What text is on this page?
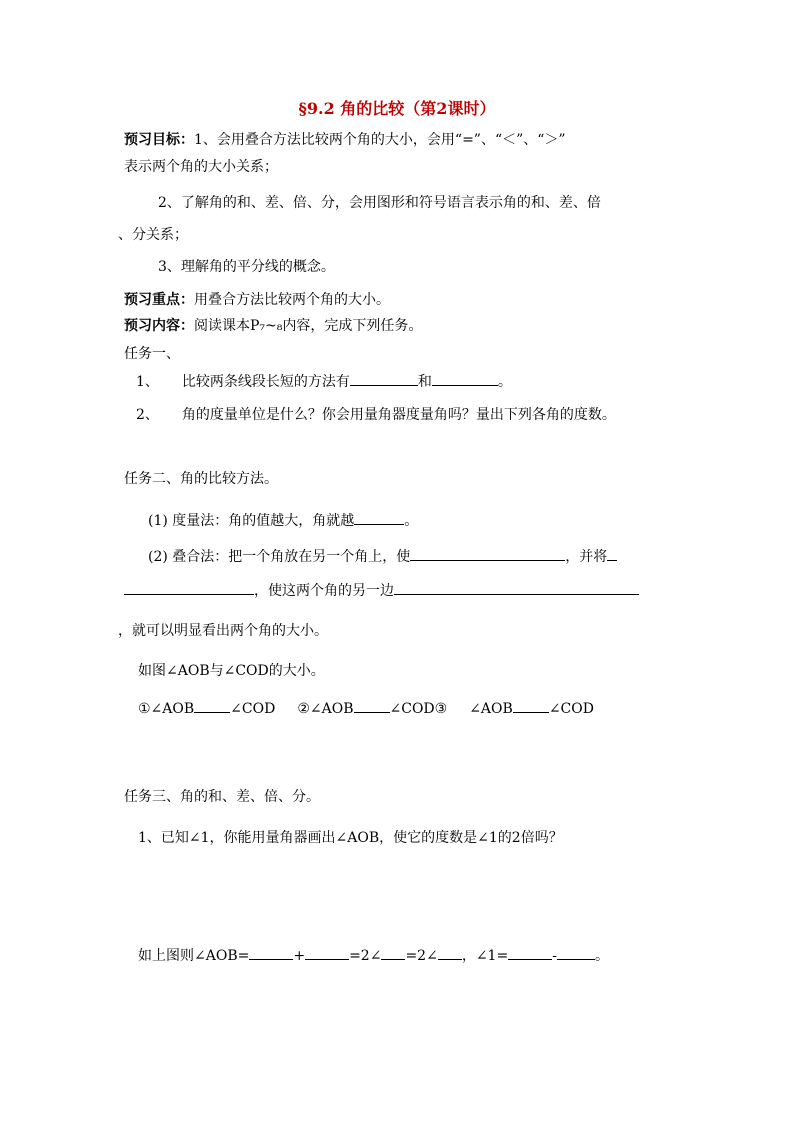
§9.2 角的比较（第2课时）
预习目标：1、会用叠合方法比较两个角的大小，会用“=”、“＜”、“＞”
表示两个角的大小关系；
2、了解角的和、差、倍、分，会用图形和符号语言表示角的和、差、倍
、分关系；
3、理解角的平分线的概念。
预习重点：用叠合方法比较两个角的大小。
预习内容：阅读课本P₇~₈内容，完成下列任务。
任务一、
1、 比较两条线段长短的方法有	和	。
2、 角的度量单位是什么？你会用量角器度量角吗？量出下列各角的度数。
任务二、角的比较方法。
(1) 度量法：角的值越大，角就越	。
(2) 叠合法：把一个角放在另一个角上，使	，并将
，使这两个角的另一边
，就可以明显看出两个角的大小。
如图∠AOB与∠COD的大小。
①∠AOB	∠COD ②∠AOB	∠COD③ ∠AOB	∠COD
任务三、角的和、差、倍、分。
1、已知∠1，你能用量角器画出∠AOB，使它的度数是∠1的2倍吗？
如上图则∠AOB=	+	=2∠ =2∠ ，∠1=	-	。
